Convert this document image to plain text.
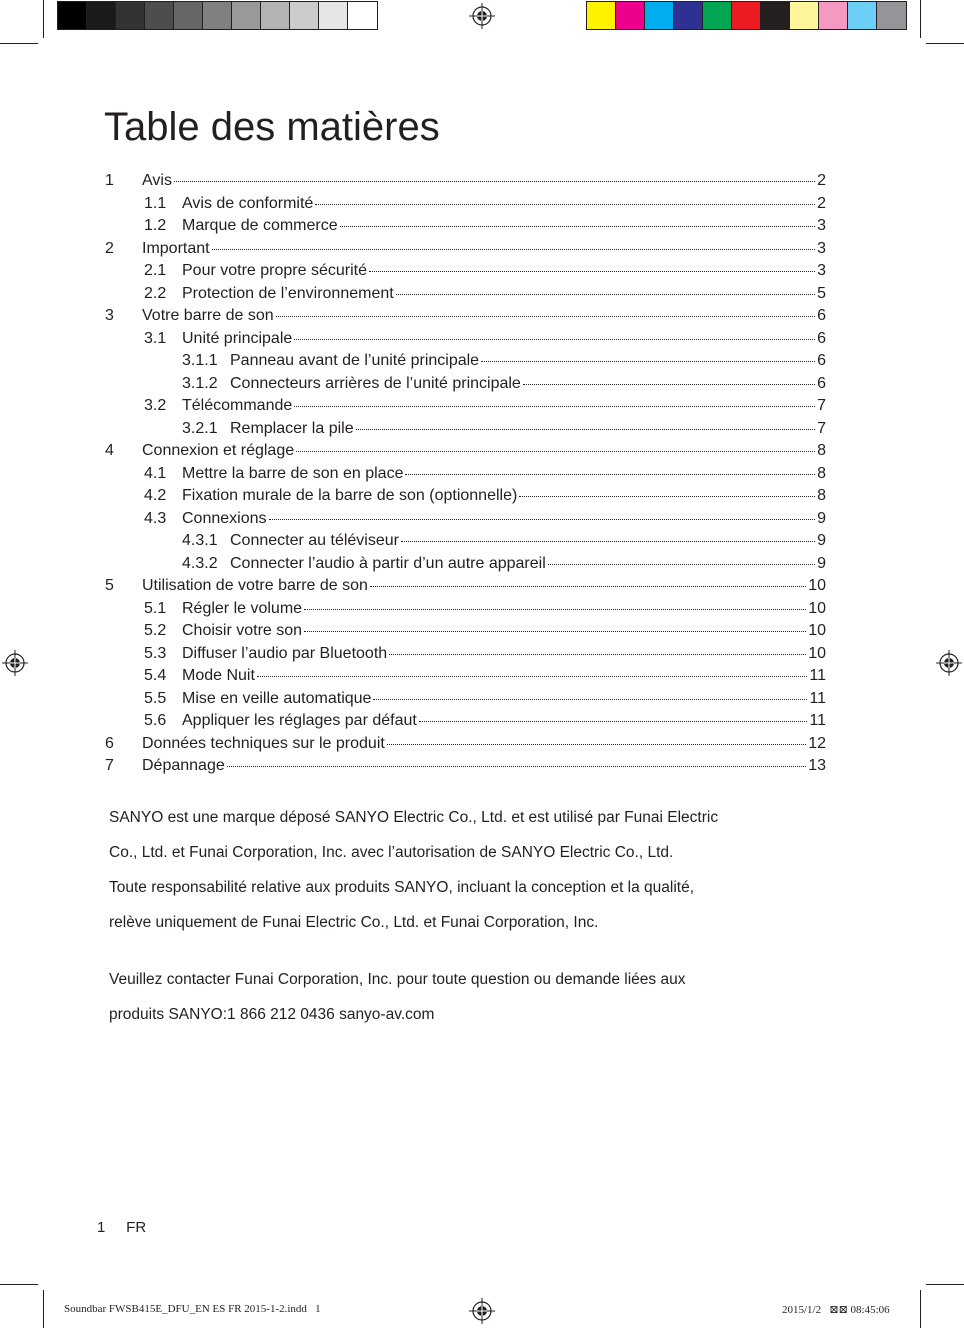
Table des matières
1 Avis	2
1.1 Avis de conformité	2
1.2 Marque de commerce	3
2 Important	3
2.1 Pour votre propre sécurité	3
2.2 Protection de l’environnement	5
3 Votre barre de son	6
3.1 Unité principale	6
3.1.1 Panneau avant de l’unité principale	6
3.1.2 Connecteurs arrières de l’unité principale	6
3.2 Télécommande	7
3.2.1 Remplacer la pile	7
4 Connexion et réglage	8
4.1 Mettre la barre de son en place	8
4.2 Fixation murale de la barre de son (optionnelle)	8
4.3 Connexions	9
4.3.1 Connecter au téléviseur	9
4.3.2 Connecter l’audio à partir d’un autre appareil	9
5 Utilisation de votre barre de son	10
5.1 Régler le volume	10
5.2 Choisir votre son	10
5.3 Diffuser l’audio par Bluetooth	10
5.4 Mode Nuit	11
5.5 Mise en veille automatique	11
5.6 Appliquer les réglages par défaut	11
6 Données techniques sur le produit	12
7 Dépannage	13

SANYO est une marque déposé SANYO Electric Co., Ltd. et est utilisé par Funai Electric

Co., Ltd. et Funai Corporation, Inc. avec l’autorisation de SANYO Electric Co., Ltd.

Toute responsabilité relative aux produits SANYO, incluant la conception et la qualité,

relève uniquement de Funai Electric Co., Ltd. et Funai Corporation, Inc.

Veuillez contacter Funai Corporation, Inc. pour toute question ou demande liées aux

produits SANYO:1 866 212 0436 sanyo-av.com

1     FR
Soundbar FWSB415E_DFU_EN ES FR 2015-1-2.indd   1	2015/1/2   ⊠⊠ 08:45:06
